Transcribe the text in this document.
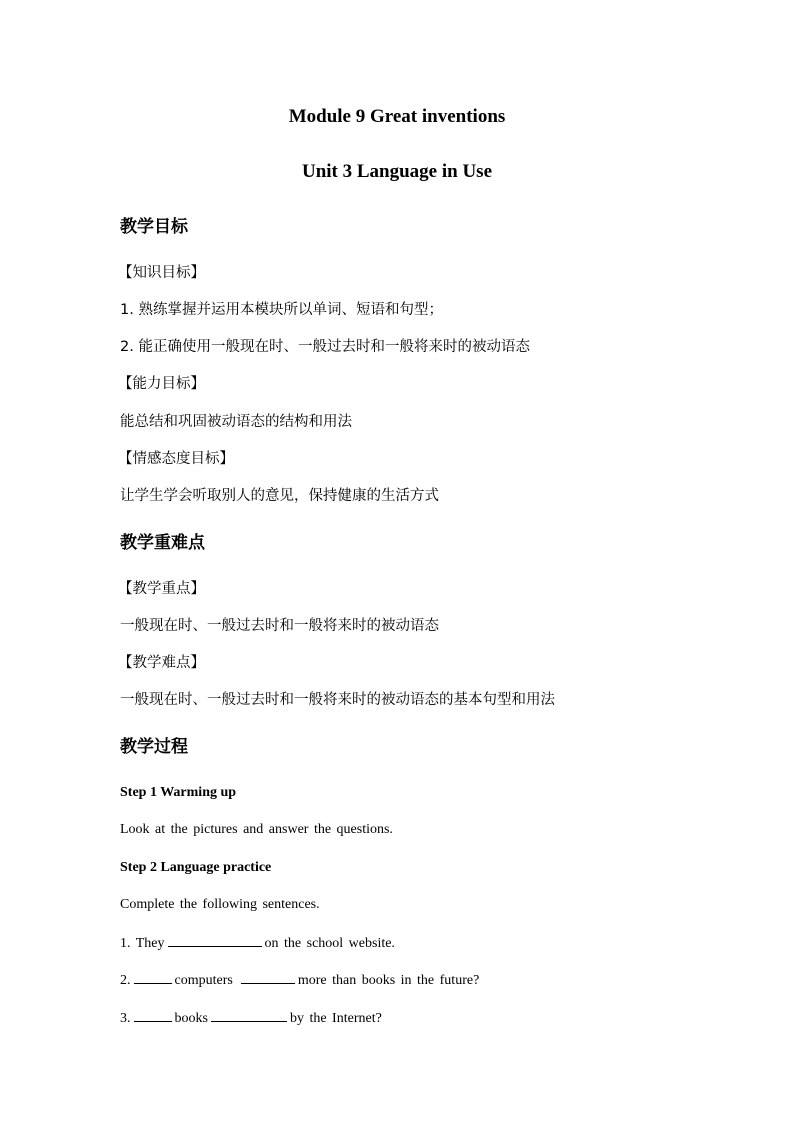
Module 9 Great inventions
Unit 3 Language in Use
教学目标
【知识目标】
1. 熟练掌握并运用本模块所以单词、短语和句型；
2. 能正确使用一般现在时、一般过去时和一般将来时的被动语态
【能力目标】
能总结和巩固被动语态的结构和用法
【情感态度目标】
让学生学会听取别人的意见，保持健康的生活方式
教学重难点
【教学重点】
一般现在时、一般过去时和一般将来时的被动语态
【教学难点】
一般现在时、一般过去时和一般将来时的被动语态的基本句型和用法
教学过程
Step 1 Warming up
Look at the pictures and answer the questions.
Step 2 Language practice
Complete the following sentences.
1. They	on the school website.
2.	computers	more than books in the future?
3.	books	by the Internet?
